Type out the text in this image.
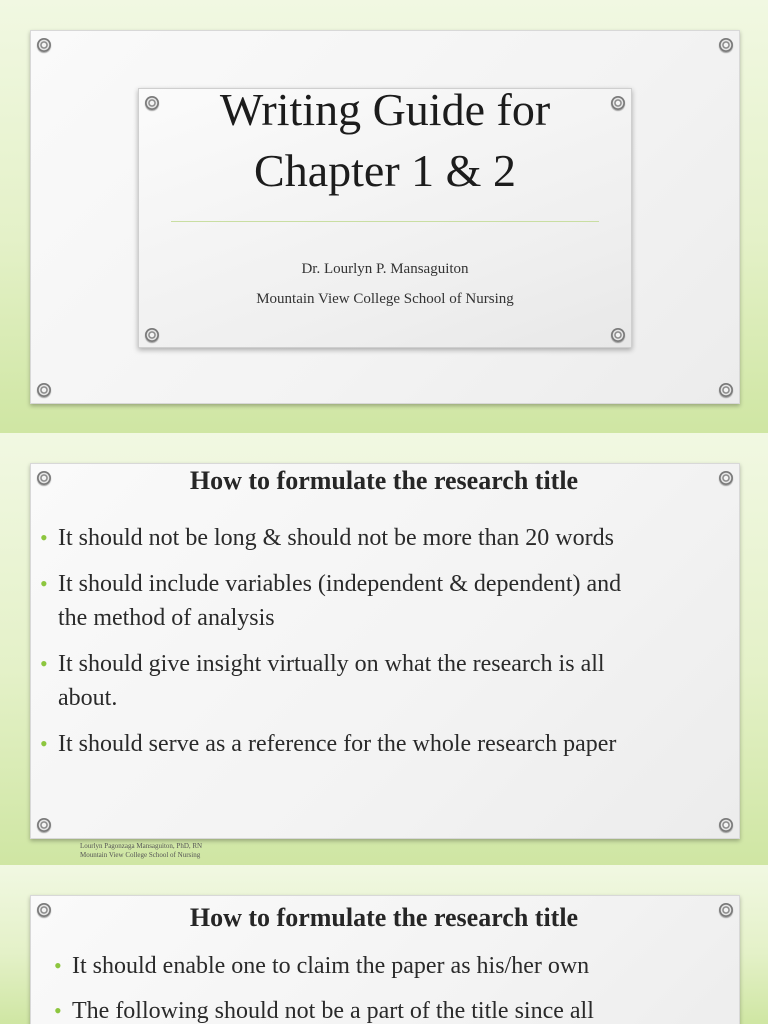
Writing Guide for
Chapter 1 & 2
Dr. Lourlyn P. Mansaguiton
Mountain View College School of Nursing
How to formulate the research title
• It should not be long & should not be more than 20 words
• It should include variables (independent & dependent) and
the method of analysis
• It should give insight virtually on what the research is all
about.
• It should serve as a reference for the whole research paper
Lourlyn Pagonzaga Mansaguiton, PhD, RN
Mountain View College School of Nursing
How to formulate the research title
• It should enable one to claim the paper as his/her own
• The following should not be a part of the title since all
